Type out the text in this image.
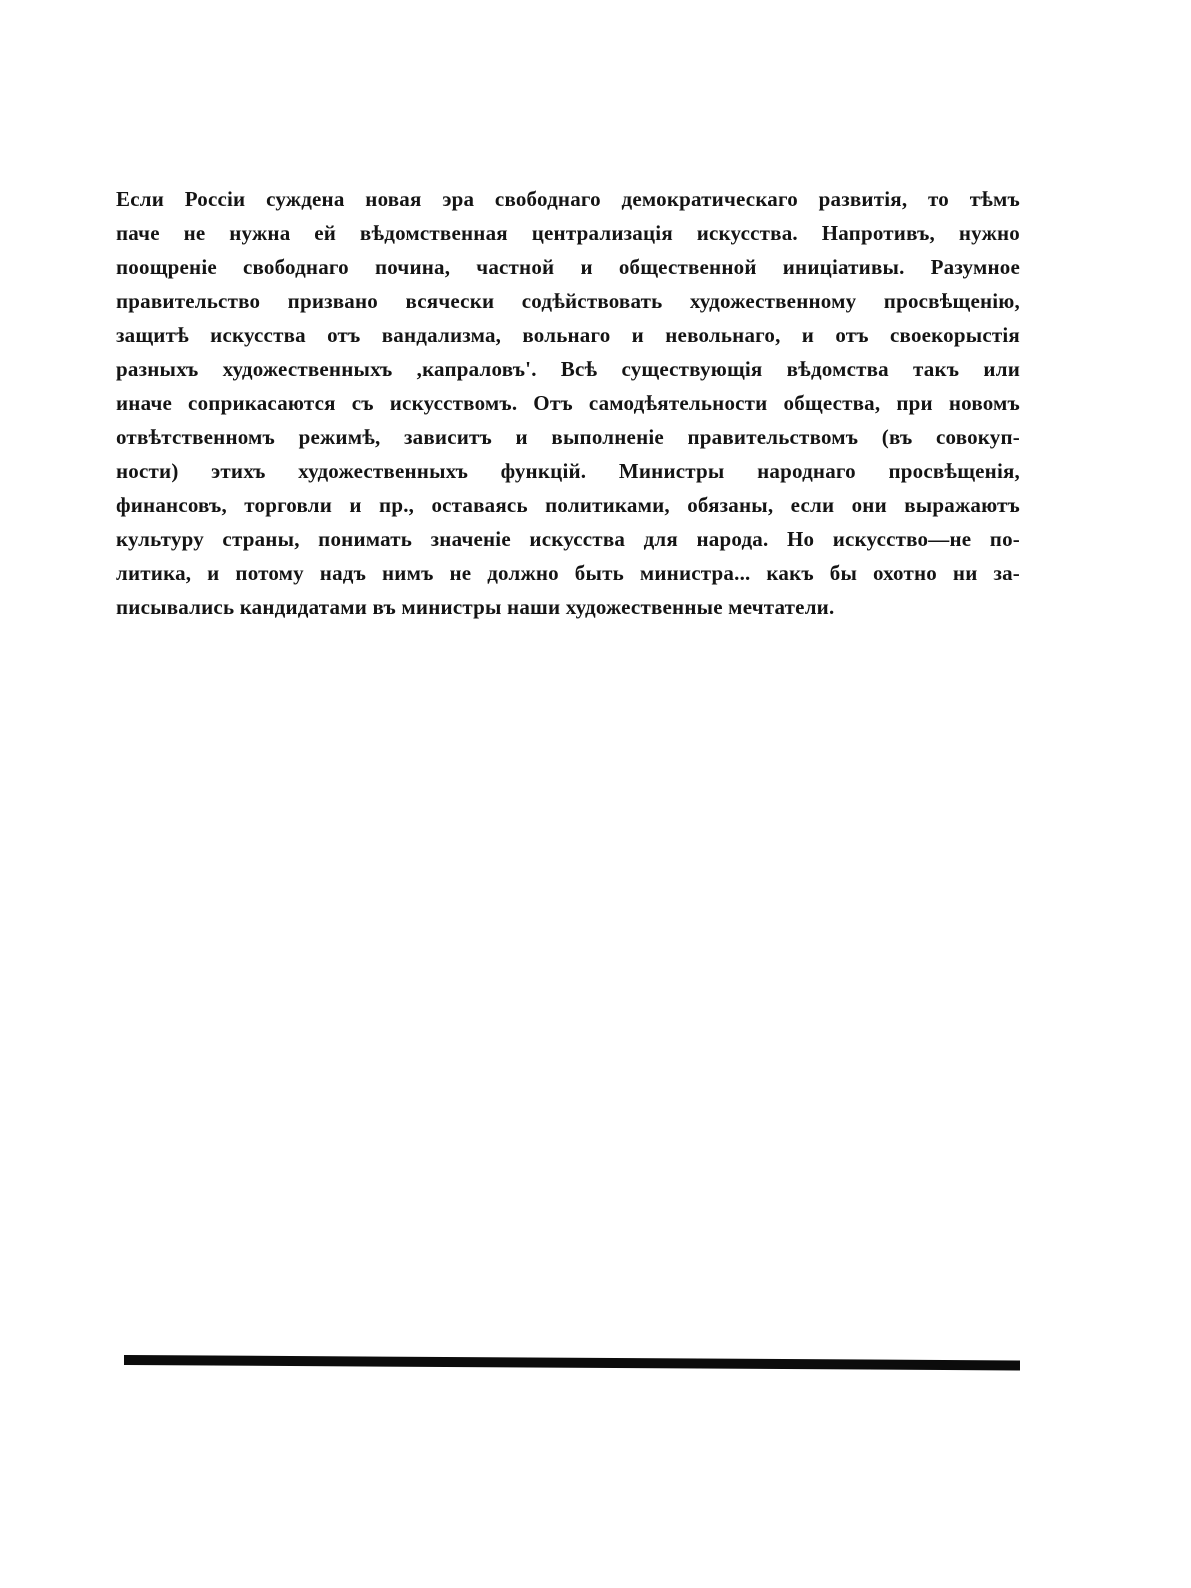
Если Россіи суждена новая эра свободнаго демократическаго развитія, то тѣмъ
паче не нужна ей вѣдомственная централизація искусства. Напротивъ, нужно
поощреніе свободнаго почина, частной и общественной иниціативы. Разумное
правительство призвано всячески содѣйствовать художественному просвѣщенію,
защитѣ искусства отъ вандализма, вольнаго и невольнаго, и отъ своекорыстія
разныхъ художественныхъ ,капраловъ'. Всѣ существующія вѣдомства такъ или
иначе соприкасаются съ искусствомъ. Отъ самодѣятельности общества, при новомъ
отвѣтственномъ режимѣ, зависитъ и выполненіе правительствомъ (въ совокуп-
ности) этихъ художественныхъ функцій. Министры народнаго просвѣщенія,
финансовъ, торговли и пр., оставаясь политиками, обязаны, если они выражаютъ
культуру страны, понимать значеніе искусства для народа. Но искусство—не по-
литика, и потому надъ нимъ не должно быть министра... какъ бы охотно ни за-
писывались кандидатами въ министры наши художественные мечтатели.
